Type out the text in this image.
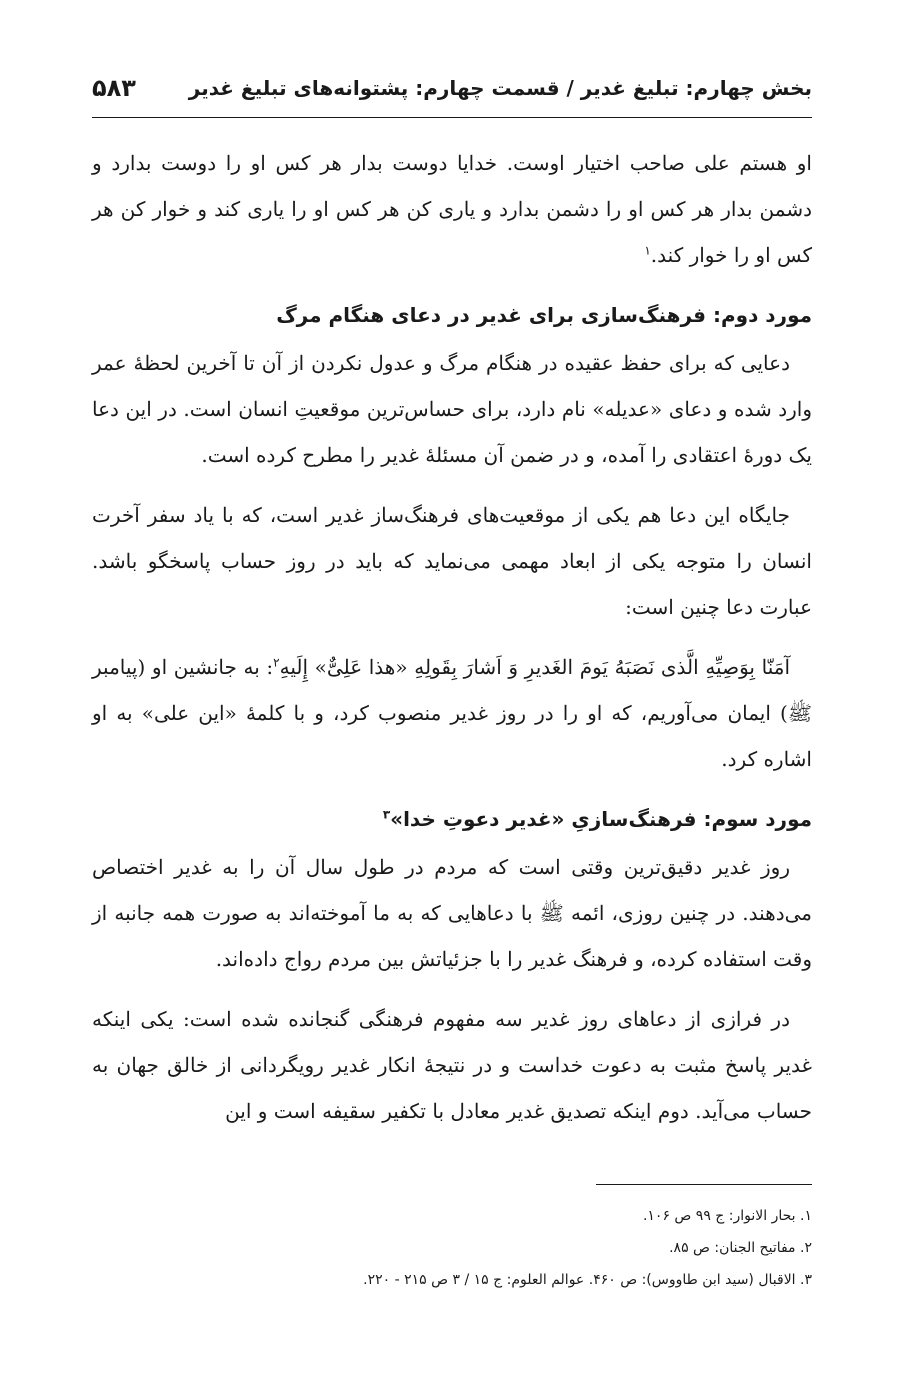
بخش چهارم: تبلیغ غدیر / قسمت چهارم: پشتوانه‌های تبلیغ غدیر
۵۸۳

او هستم علی صاحب اختیار اوست. خدایا دوست بدار هر کس او را دوست بدارد و دشمن بدار هر کس او را دشمن بدارد و یاری کن هر کس او را یاری کند و خوار کن هر کس او را خوار کند.$^۱$

مورد دوم: فرهنگ‌سازی برای غدیر در دعای هنگام مرگ

دعایی که برای حفظ عقیده در هنگام مرگ و عدول نکردن از آن تا آخرین لحظهٔ عمر وارد شده و دعای «عدیله» نام دارد، برای حساس‌ترین موقعیتِ انسان است. در این دعا یک دورهٔ اعتقادی را آمده، و در ضمن آن مسئلهٔ غدیر را مطرح کرده است.

جایگاه این دعا هم یکی از موقعیت‌های فرهنگ‌ساز غدیر است، که با یاد سفر آخرت انسان را متوجه یکی از ابعاد مهمی می‌نماید که باید در روز حساب پاسخگو باشد. عبارت دعا چنین است:

آمَنّا بِوَصِیِّهِ الَّذی نَصَبَهُ یَومَ الغَدیرِ وَ اَشارَ بِقَولِهِ «هذا عَلِیٌّ» إِلَیهِ$^۲$: به جانشین او (پیامبر ﷺ) ایمان می‌آوریم، که او را در روز غدیر منصوب کرد، و با کلمهٔ «این علی» به او اشاره کرد.

مورد سوم: فرهنگ‌سازیِ «غدیر دعوتِ خدا»$^۳$

روز غدیر دقیق‌ترین وقتی است که مردم در طول سال آن را به غدیر اختصاص می‌دهند. در چنین روزی، ائمه ﷺ با دعاهایی که به ما آموخته‌اند به صورت همه جانبه از وقت استفاده کرده، و فرهنگ غدیر را با جزئیاتش بین مردم رواج داده‌اند.

در فرازی از دعاهای روز غدیر سه مفهوم فرهنگی گنجانده شده است: یکی اینکه غدیر پاسخ مثبت به دعوت خداست و در نتیجهٔ انکار غدیر رویگردانی از خالق جهان به حساب می‌آید. دوم اینکه تصدیق غدیر معادل با تکفیر سقیفه است و این

۱. بحار الانوار: ج ۹۹ ص ۱۰۶.
۲. مفاتیح الجنان: ص ۸۵.
۳. الاقبال (سید ابن طاووس): ص ۴۶۰. عوالم العلوم: ج ۱۵ / ۳ ص ۲۱۵ - ۲۲۰.
